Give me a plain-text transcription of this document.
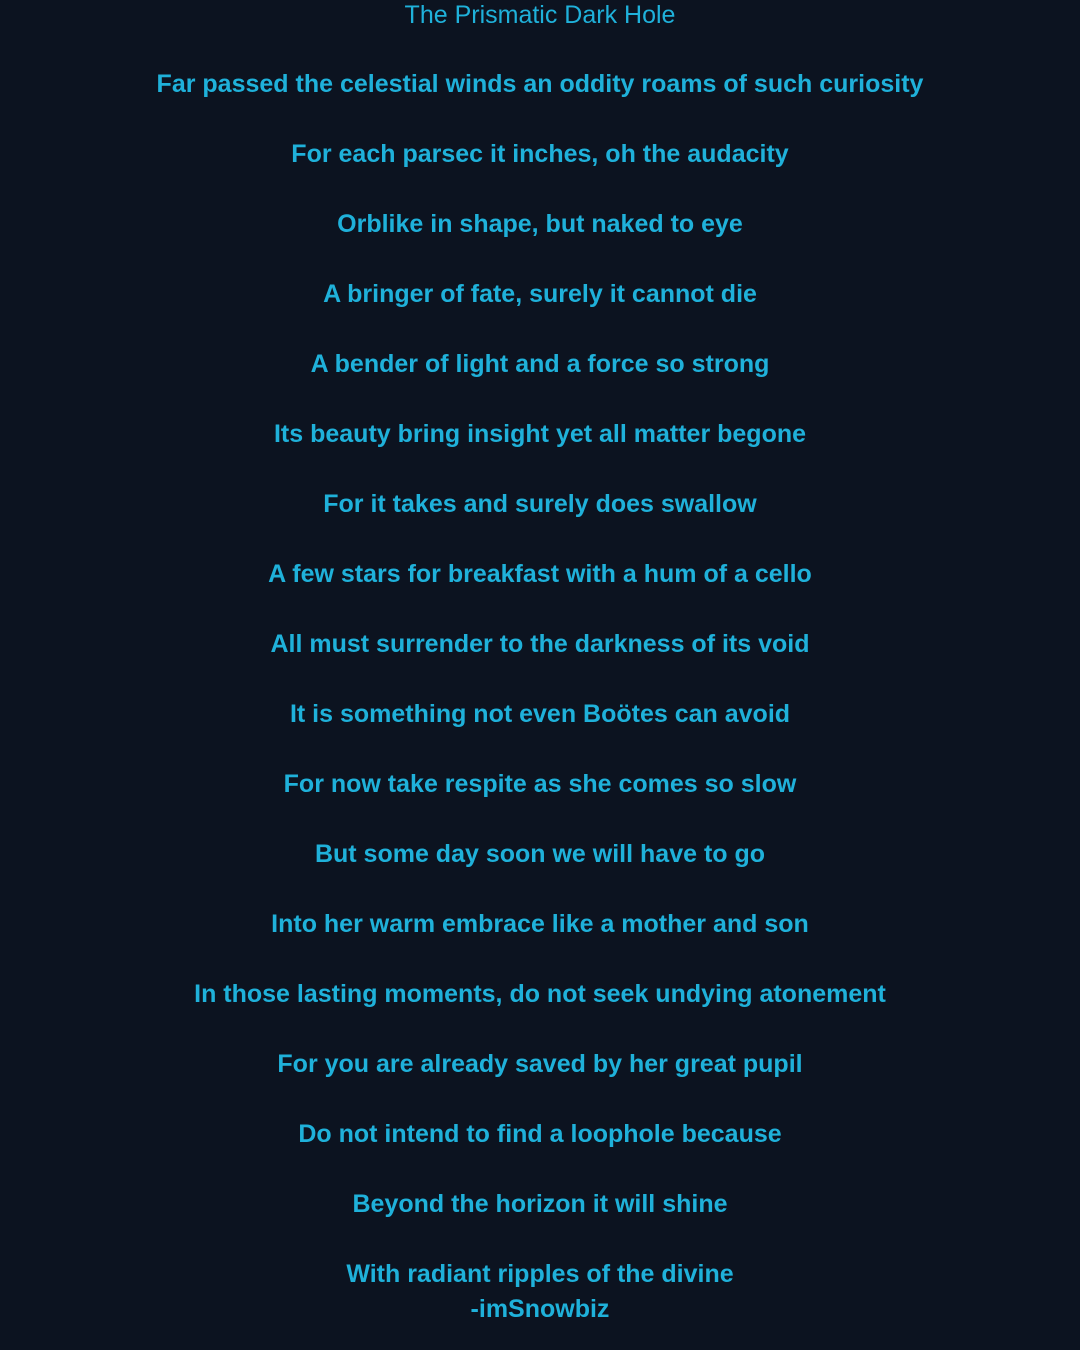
The Prismatic Dark Hole
Far passed the celestial winds an oddity roams of such curiosity
For each parsec it inches, oh the audacity
Orblike in shape, but naked to eye
A bringer of fate, surely it cannot die
A bender of light and a force so strong
Its beauty bring insight yet all matter begone
For it takes and surely does swallow
A few stars for breakfast with a hum of a cello
All must surrender to the darkness of its void
It is something not even Boötes can avoid
For now take respite as she comes so slow
But some day soon we will have to go
Into her warm embrace like a mother and son
In those lasting moments, do not seek undying atonement
For you are already saved by her great pupil
Do not intend to find a loophole because
Beyond the horizon it will shine
With radiant ripples of the divine
-imSnowbiz
